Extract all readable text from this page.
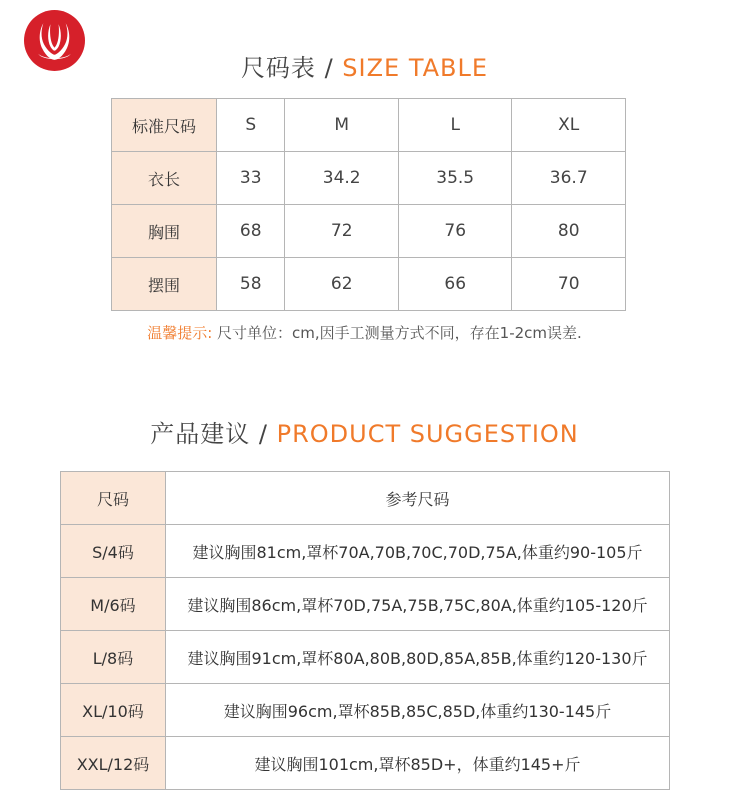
尺码表 / SIZE TABLE
标准尺码	S	M	L	XL
衣长	33	34.2	35.5	36.7
胸围	68	72	76	80
摆围	58	62	66	70
温馨提示: 尺寸单位：cm,因手工测量方式不同，存在1-2cm误差.
产品建议 / PRODUCT SUGGESTION
尺码	参考尺码
S/4码	建议胸围81cm,罩杯70A,70B,70C,70D,75A,体重约90-105斤
M/6码	建议胸围86cm,罩杯70D,75A,75B,75C,80A,体重约105-120斤
L/8码	建议胸围91cm,罩杯80A,80B,80D,85A,85B,体重约120-130斤
XL/10码	建议胸围96cm,罩杯85B,85C,85D,体重约130-145斤
XXL/12码	建议胸围101cm,罩杯85D+，体重约145+斤
